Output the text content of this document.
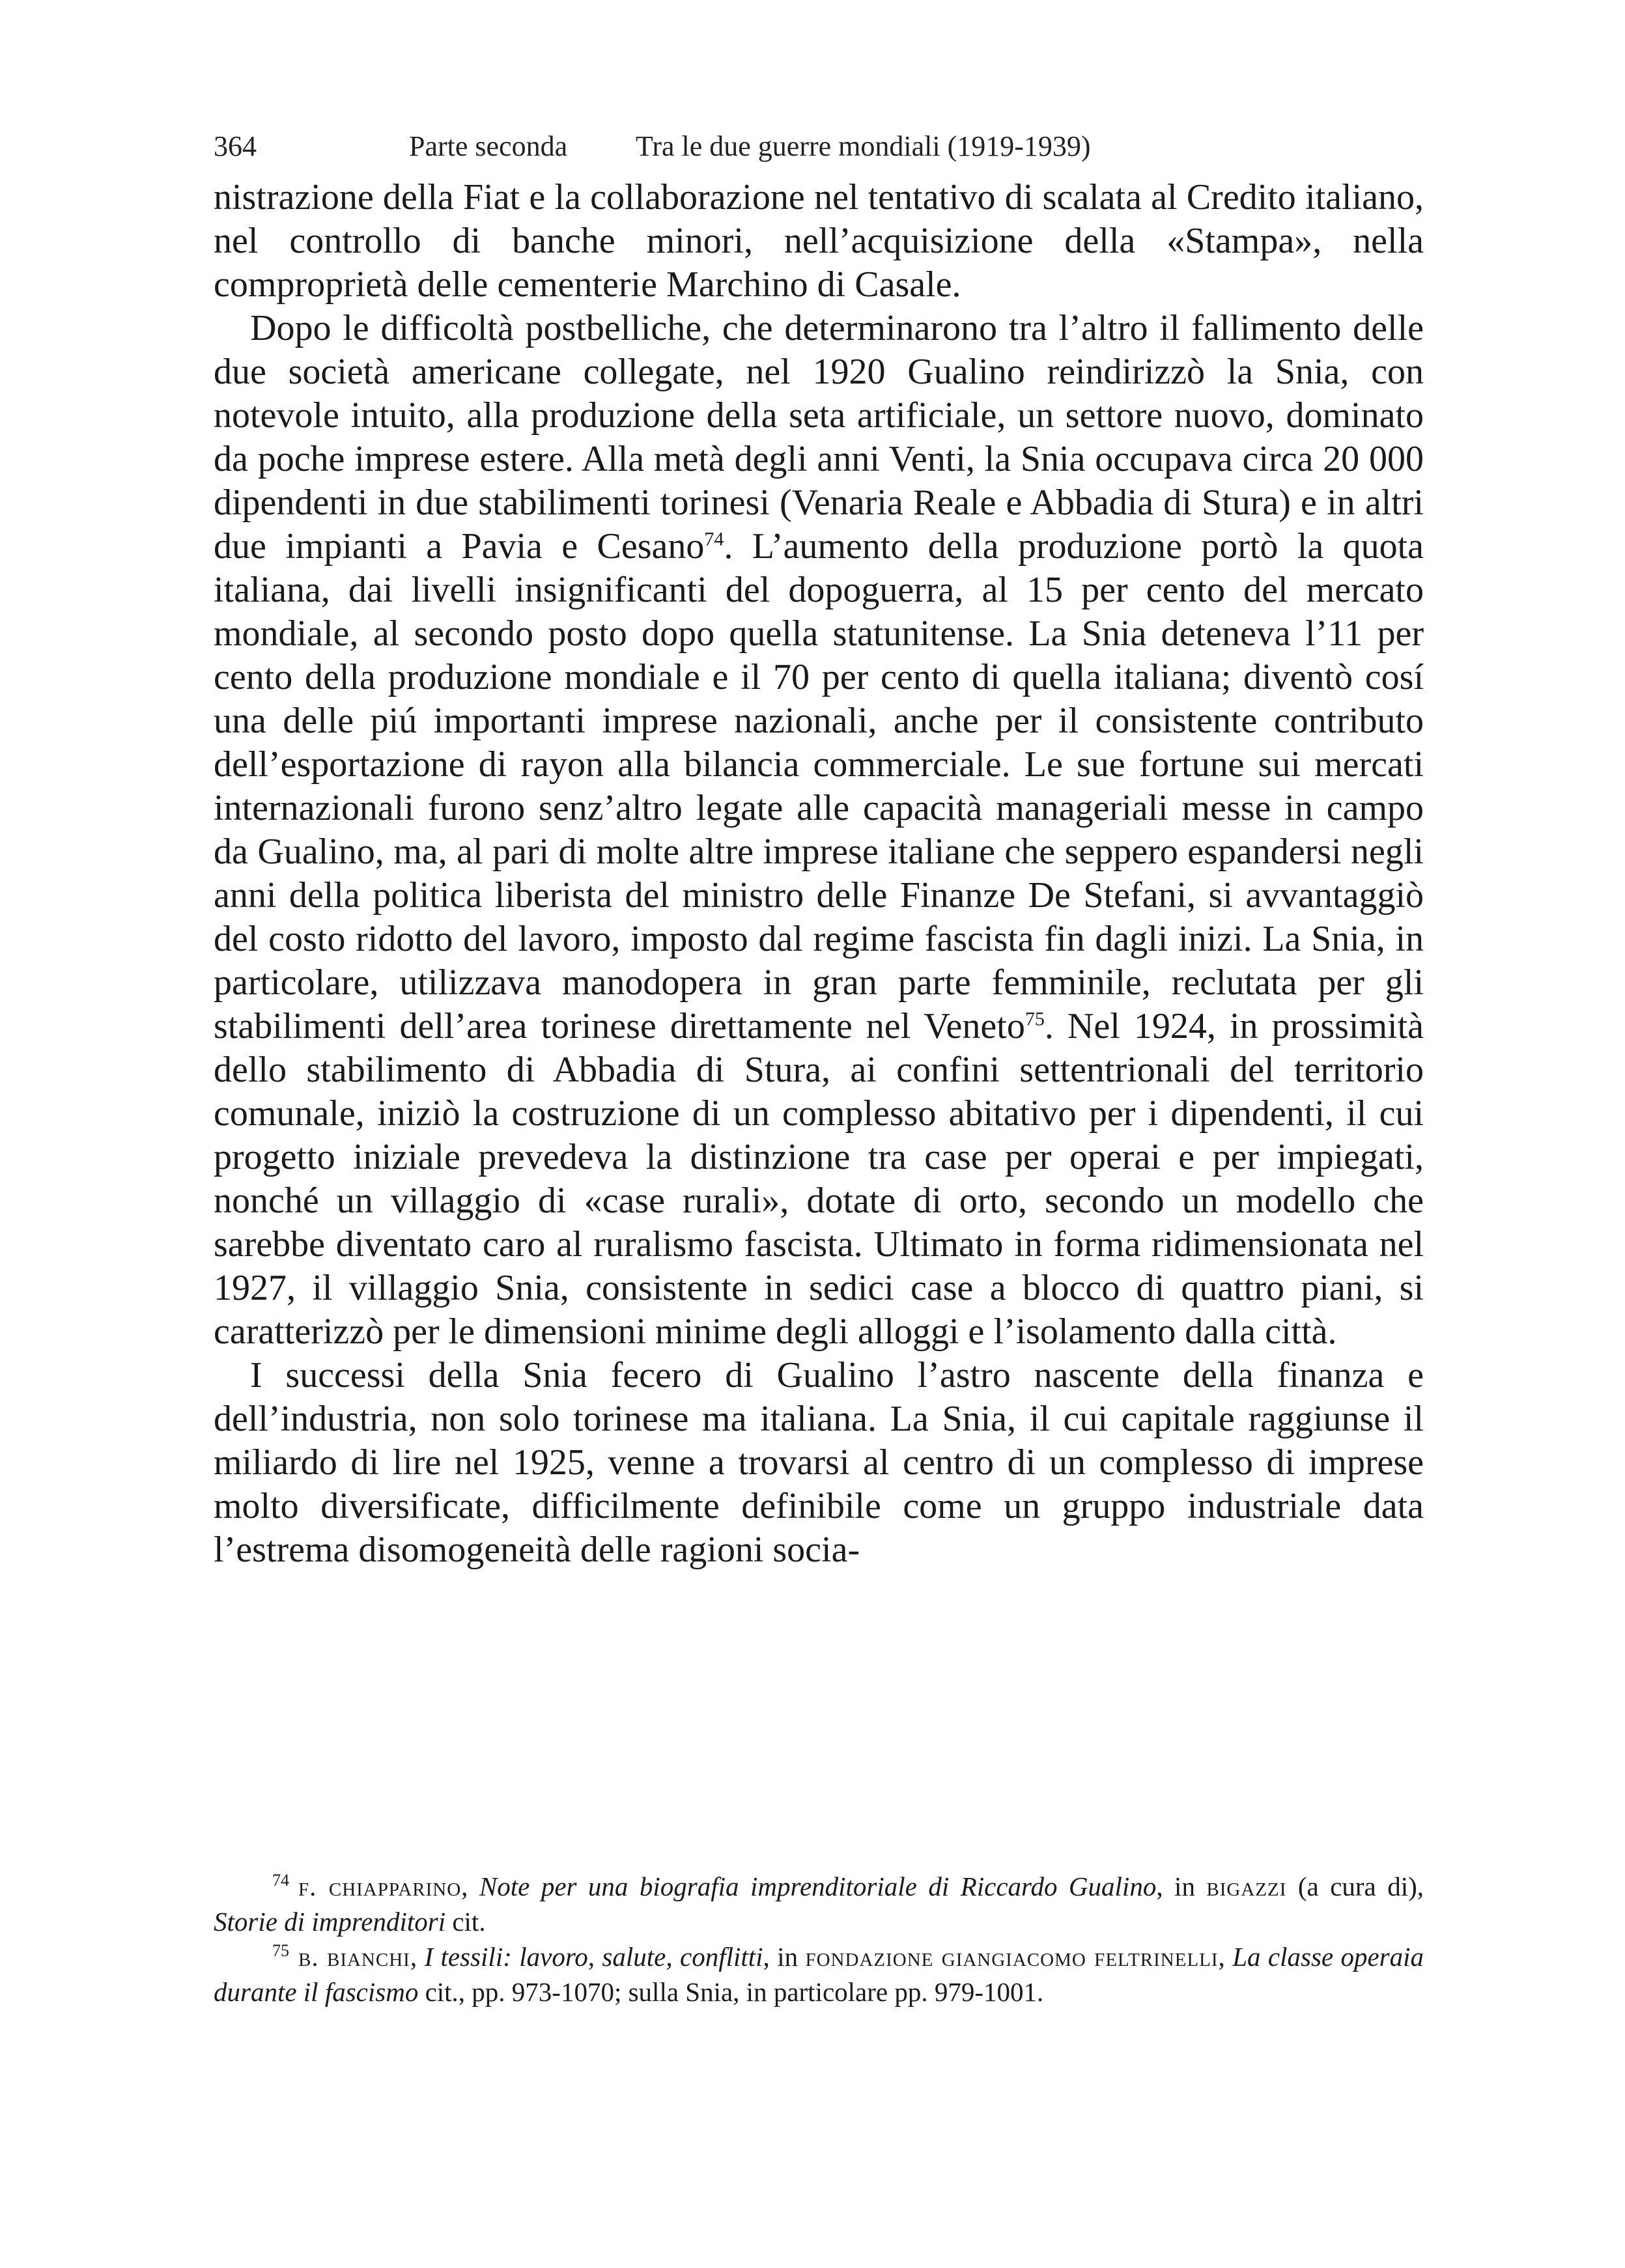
364	Parte seconda Tra le due guerre mondiali (1919-1939)

nistrazione della Fiat e la collaborazione nel tentativo di scalata al Credito italiano, nel controllo di banche minori, nell’acquisizione della «Stampa», nella comproprietà delle cementerie Marchino di Casale.

Dopo le difficoltà postbelliche, che determinarono tra l’altro il fallimento delle due società americane collegate, nel 1920 Gualino reindirizzò la Snia, con notevole intuito, alla produzione della seta artificiale, un settore nuovo, dominato da poche imprese estere. Alla metà degli anni Venti, la Snia occupava circa 20 000 dipendenti in due stabilimenti torinesi (Venaria Reale e Abbadia di Stura) e in altri due impianti a Pavia e Cesano$^{74}$. L’aumento della produzione portò la quota italiana, dai livelli insignificanti del dopoguerra, al 15 per cento del mercato mondiale, al secondo posto dopo quella statunitense. La Snia deteneva l’11 per cento della produzione mondiale e il 70 per cento di quella italiana; diventò cosí una delle piú importanti imprese nazionali, anche per il consistente contributo dell’esportazione di rayon alla bilancia commerciale. Le sue fortune sui mercati internazionali furono senz’altro legate alle capacità manageriali messe in campo da Gualino, ma, al pari di molte altre imprese italiane che seppero espandersi negli anni della politica liberista del ministro delle Finanze De Stefani, si avvantaggiò del costo ridotto del lavoro, imposto dal regime fascista fin dagli inizi. La Snia, in particolare, utilizzava manodopera in gran parte femminile, reclutata per gli stabilimenti dell’area torinese direttamente nel Veneto$^{75}$. Nel 1924, in prossimità dello stabilimento di Abbadia di Stura, ai confini settentrionali del territorio comunale, iniziò la costruzione di un complesso abitativo per i dipendenti, il cui progetto iniziale prevedeva la distinzione tra case per operai e per impiegati, nonché un villaggio di «case rurali», dotate di orto, secondo un modello che sarebbe diventato caro al ruralismo fascista. Ultimato in forma ridimensionata nel 1927, il villaggio Snia, consistente in sedici case a blocco di quattro piani, si caratterizzò per le dimensioni minime degli alloggi e l’isolamento dalla città.

I successi della Snia fecero di Gualino l’astro nascente della finanza e dell’industria, non solo torinese ma italiana. La Snia, il cui capitale raggiunse il miliardo di lire nel 1925, venne a trovarsi al centro di un complesso di imprese molto diversificate, difficilmente definibile come un gruppo industriale data l’estrema disomogeneità delle ragioni socia-

$^{74}$ f. chiapparino, Note per una biografia imprenditoriale di Riccardo Gualino, in bigazzi (a cura di), Storie di imprenditori cit.

$^{75}$ b. bianchi, I tessili: lavoro, salute, conflitti, in fondazione giangiacomo feltrinelli, La classe operaia durante il fascismo cit., pp. 973-1070; sulla Snia, in particolare pp. 979-1001.
